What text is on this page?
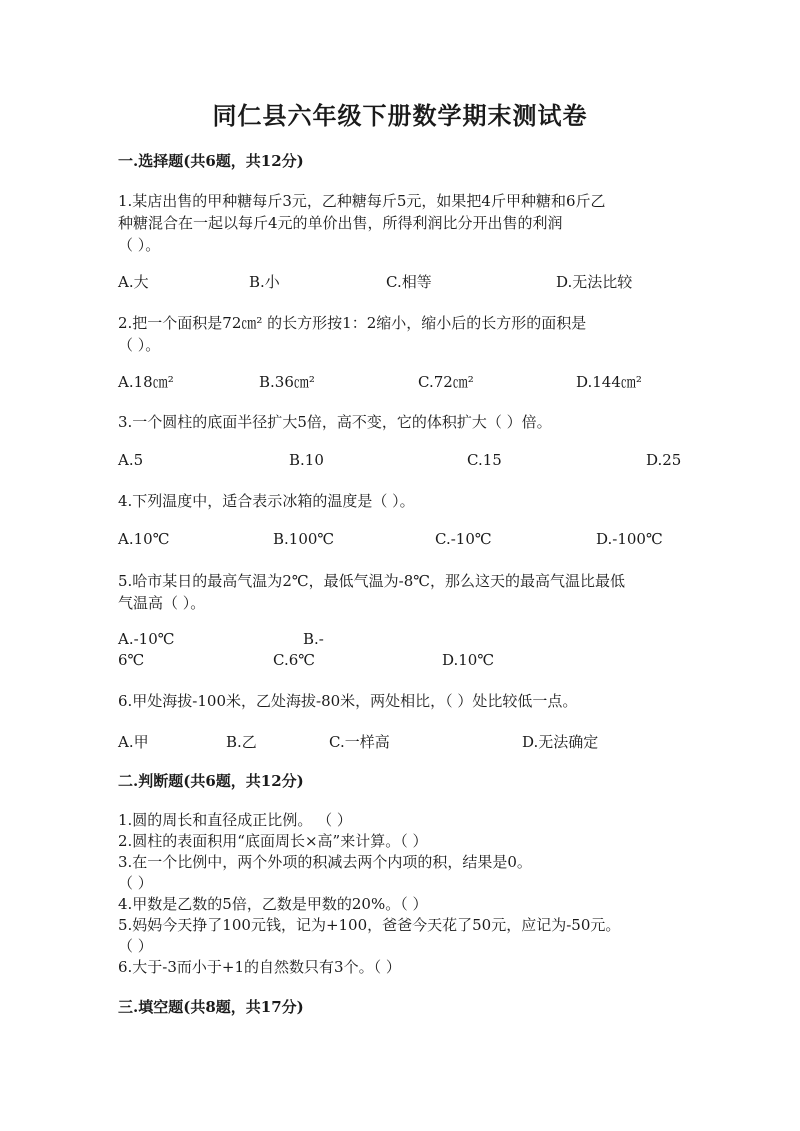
同仁县六年级下册数学期末测试卷
一.选择题(共6题，共12分)
1.某店出售的甲种糖每斤3元，乙种糖每斤5元，如果把4斤甲种糖和6斤乙
种糖混合在一起以每斤4元的单价出售，所得利润比分开出售的利润
（ ）。
A.大	B.小	C.相等	D.无法比较
2.把一个面积是72㎝² 的长方形按1：2缩小，缩小后的长方形的面积是
（ ）。
A.18㎝²	B.36㎝²	C.72㎝²	D.144㎝²
3.一个圆柱的底面半径扩大5倍，高不变，它的体积扩大（ ）倍。
A.5	B.10	C.15	D.25
4.下列温度中，适合表示冰箱的温度是（ ）。
A.10℃	B.100℃	C.-10℃	D.-100℃
5.哈市某日的最高气温为2℃，最低气温为-8℃，那么这天的最高气温比最低
气温高（ ）。
A.-10℃	B.-
6℃	C.6℃	D.10℃
6.甲处海拔-100米，乙处海拔-80米，两处相比，（ ）处比较低一点。
A.甲	B.乙	C.一样高	D.无法确定
二.判断题(共6题，共12分)
1.圆的周长和直径成正比例。 （ ）
2.圆柱的表面积用“底面周长×高”来计算。（ ）
3.在一个比例中，两个外项的积减去两个内项的积，结果是0。
（ ）
4.甲数是乙数的5倍，乙数是甲数的20%。（ ）
5.妈妈今天挣了100元钱，记为+100，爸爸今天花了50元，应记为-50元。
（ ）
6.大于-3而小于+1的自然数只有3个。（ ）
三.填空题(共8题，共17分)
